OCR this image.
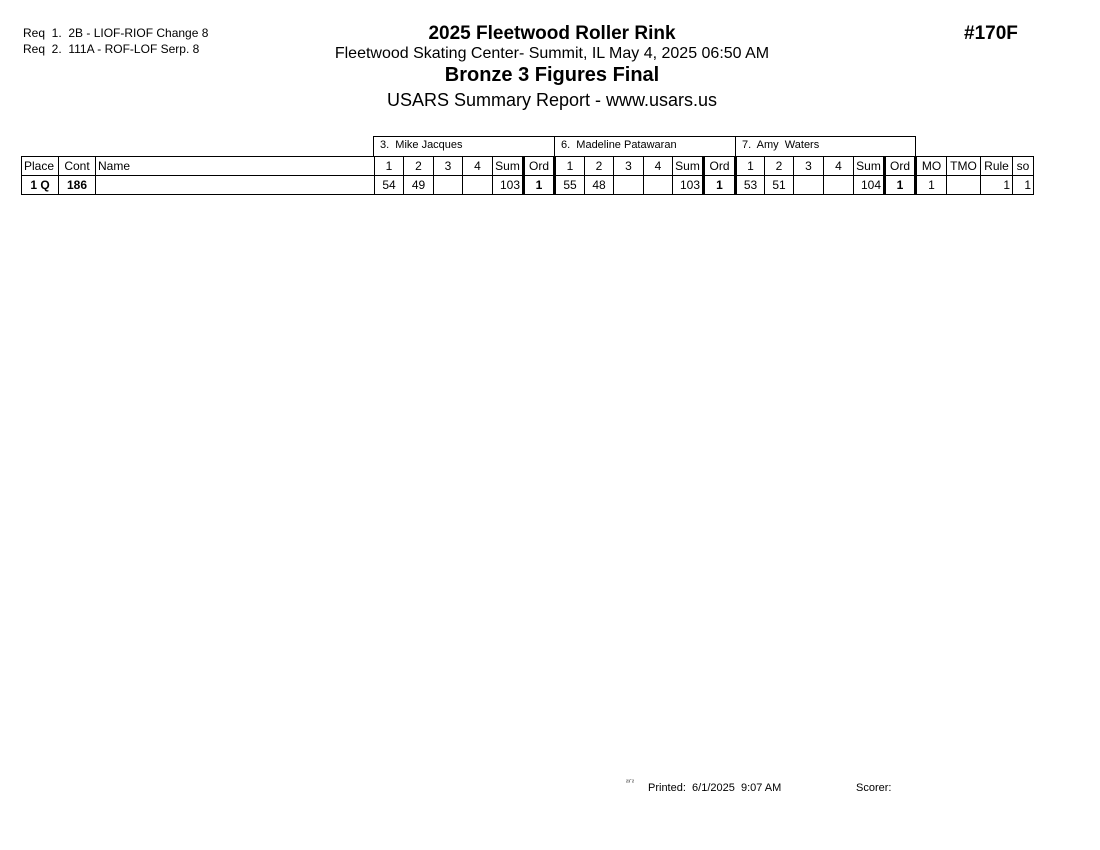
Req  1.  2B - LIOF-RIOF Change 8
Req  2.  111A - ROF-LOF Serp. 8
2025 Fleetwood Roller Rink
Fleetwood Skating Center- Summit, IL May 4, 2025 06:50 AM
Bronze 3 Figures Final
USARS Summary Report - www.usars.us
#170F
3.  Mike Jacques	6.  Madeline Patawaran	7.  Amy  Waters
Place	Cont	Name	1	2	3	4	Sum	Ord	1	2	3	4	Sum	Ord	1	2	3	4	Sum	Ord	MO	TMO	Rule	so
1 Q	186		54	49			103	1	55	48			103	1	53	51			104	1	1		1	1
²³´² Printed:  6/1/2025  9:07 AM	Scorer:
